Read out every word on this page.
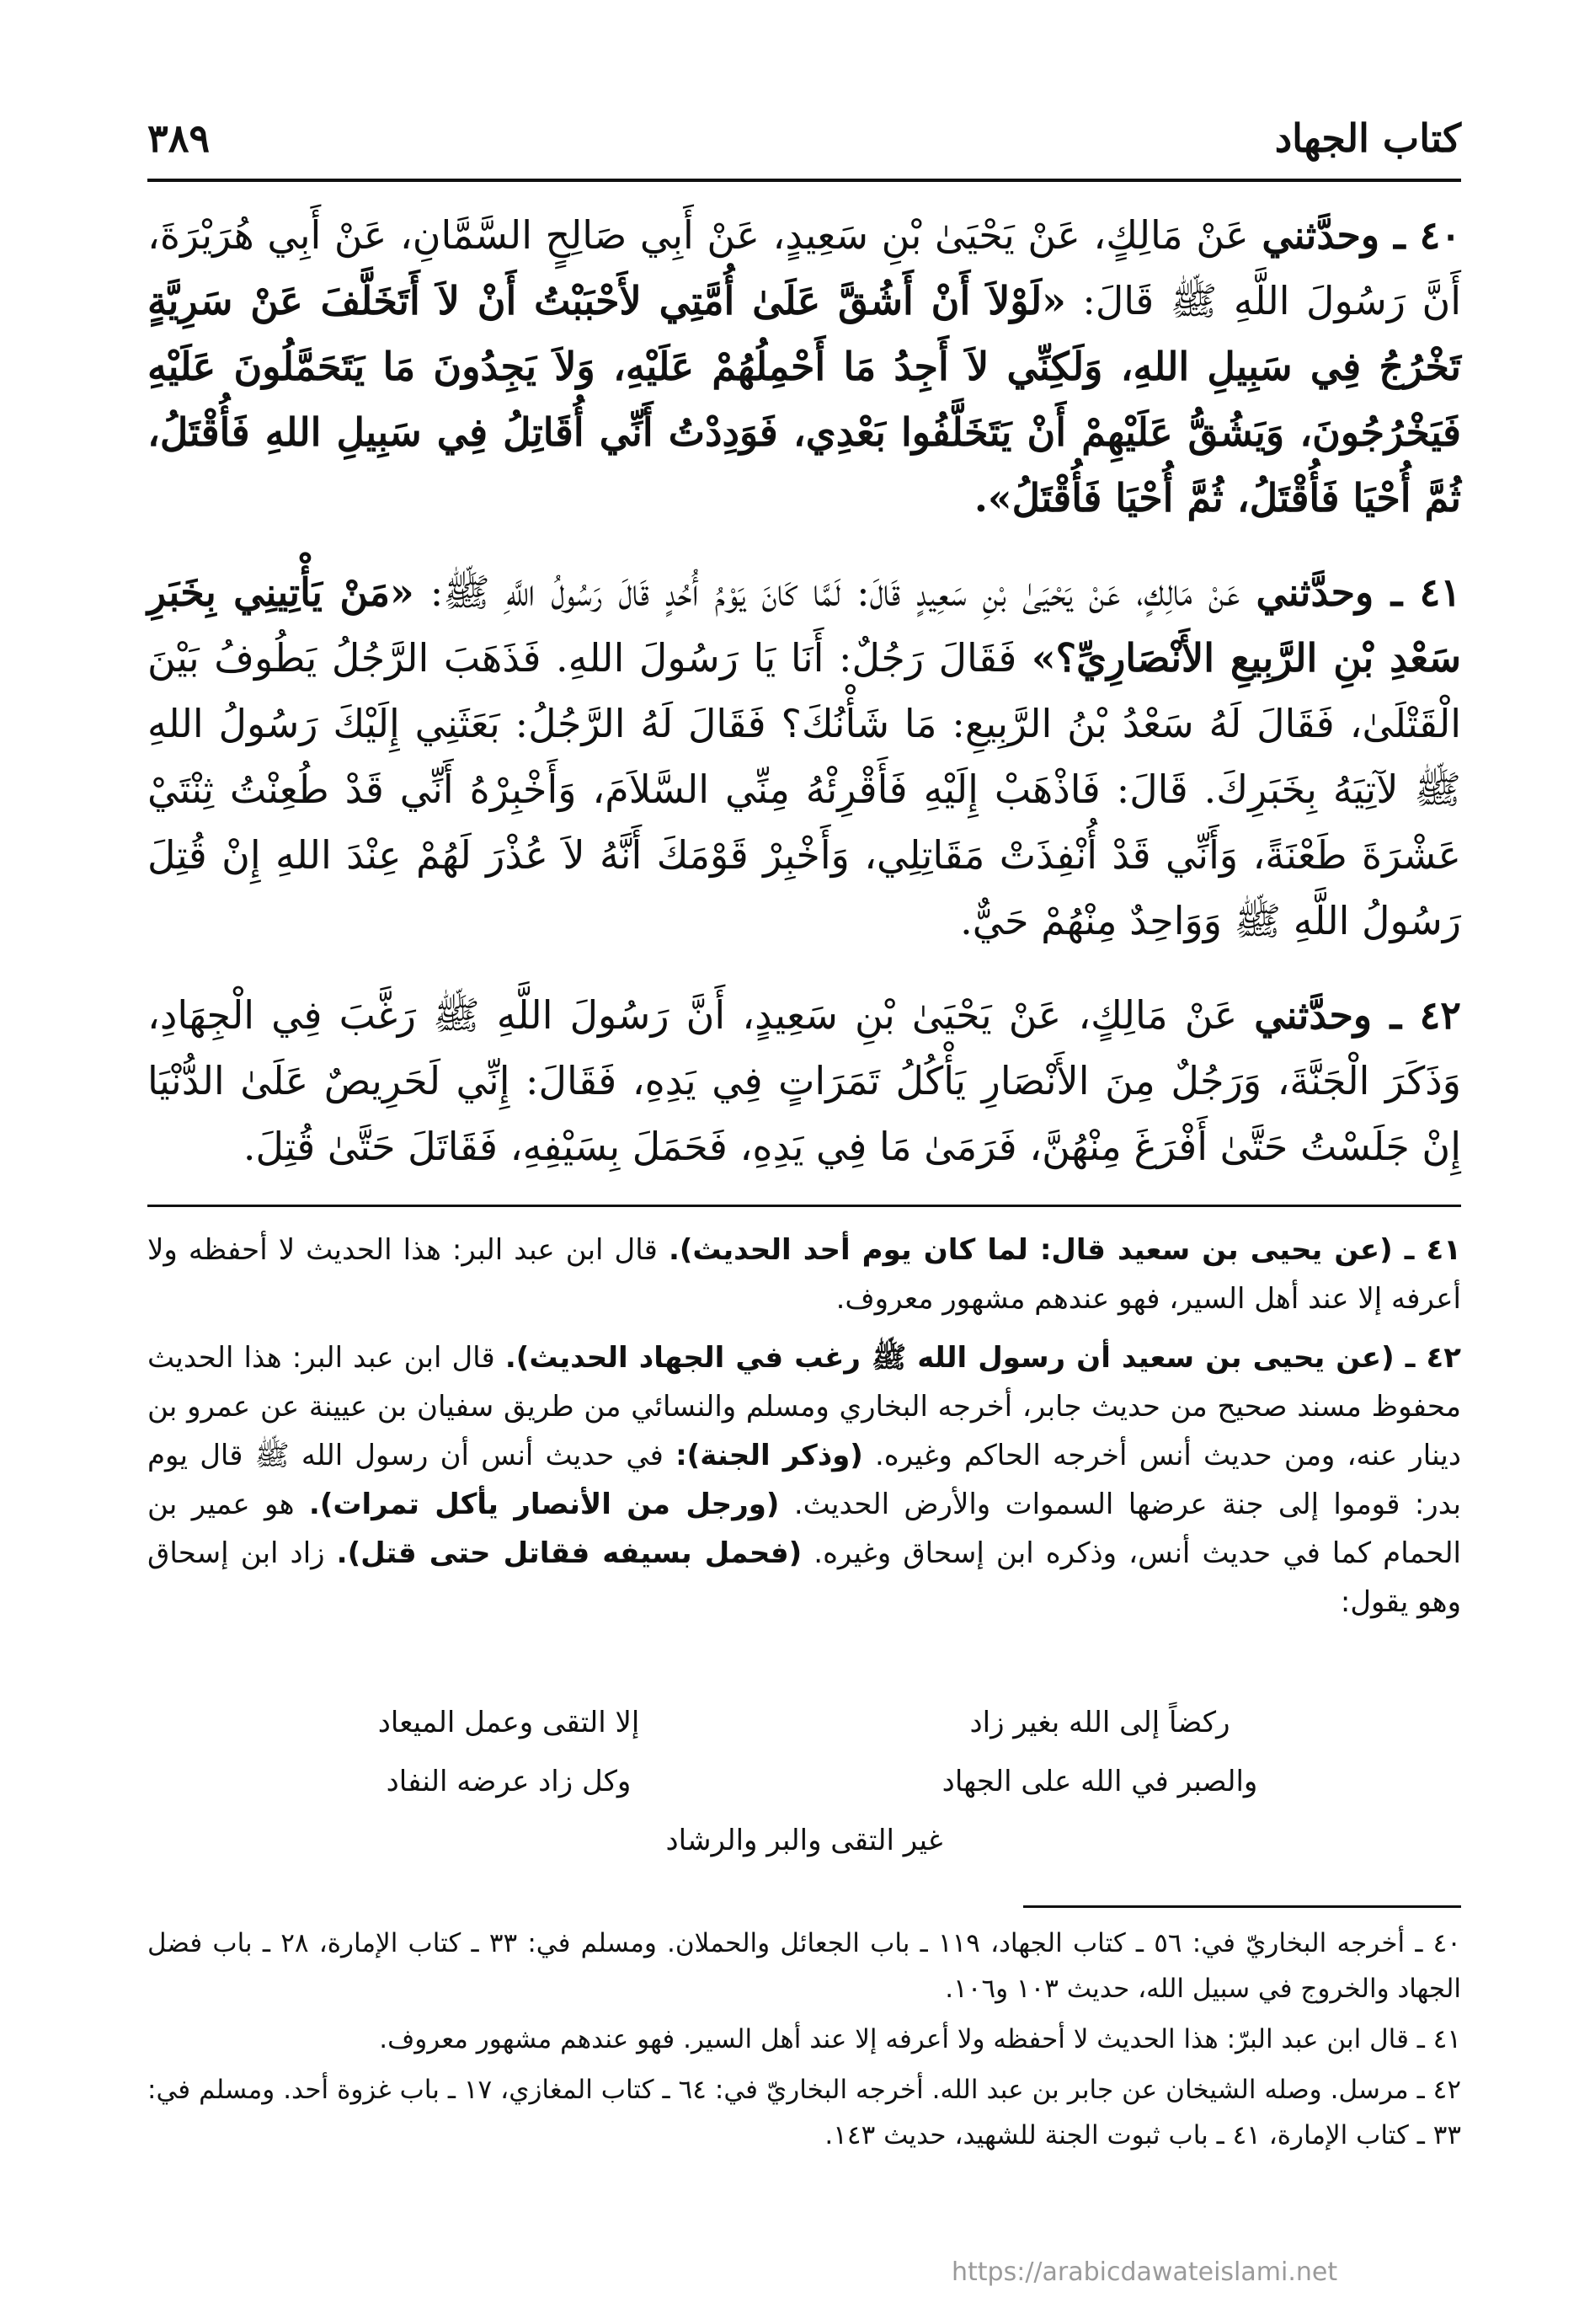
كتاب الجهاد
٣٨٩

٤٠ ـ وحدَّثني عَنْ مَالِكٍ، عَنْ يَحْيَىٰ بْنِ سَعِيدٍ، عَنْ أَبِي صَالِحٍ السَّمَّانِ، عَنْ أَبِي هُرَيْرَةَ، أَنَّ رَسُولَ اللَّهِ ﷺ قَالَ: «لَوْلاَ أَنْ أَشُقَّ عَلَىٰ أُمَّتِي لأَحْبَبْتُ أَنْ لاَ أَتَخَلَّفَ عَنْ سَرِيَّةٍ تَخْرُجُ فِي سَبِيلِ اللهِ، وَلَكِنِّي لاَ أَجِدُ مَا أَحْمِلُهُمْ عَلَيْهِ، وَلاَ يَجِدُونَ مَا يَتَحَمَّلُونَ عَلَيْهِ فَيَخْرُجُونَ، وَيَشُقُّ عَلَيْهِمْ أَنْ يَتَخَلَّفُوا بَعْدِي، فَوَدِدْتُ أَنِّي أُقَاتِلُ فِي سَبِيلِ اللهِ فَأُقْتَلُ، ثُمَّ أُحْيَا فَأُقْتَلُ، ثُمَّ أُحْيَا فَأُقْتَلُ».

٤١ ـ وحدَّثني عَنْ مَالِكٍ، عَنْ يَحْيَىٰ بْنِ سَعِيدٍ قَالَ: لَمَّا كَانَ يَوْمُ أُحُدٍ قَالَ رَسُولُ اللَّهِ ﷺ: «مَنْ يَأْتِينِي بِخَبَرِ سَعْدِ بْنِ الرَّبِيعِ الأَنْصَارِيِّ؟» فَقَالَ رَجُلٌ: أَنَا يَا رَسُولَ اللهِ. فَذَهَبَ الرَّجُلُ يَطُوفُ بَيْنَ الْقَتْلَىٰ، فَقَالَ لَهُ سَعْدُ بْنُ الرَّبِيعِ: مَا شَأْنُكَ؟ فَقَالَ لَهُ الرَّجُلُ: بَعَثَنِي إِلَيْكَ رَسُولُ اللهِ ﷺ لآتِيَهُ بِخَبَرِكَ. قَالَ: فَاذْهَبْ إِلَيْهِ فَأَقْرِئْهُ مِنِّي السَّلاَمَ، وَأَخْبِرْهُ أَنِّي قَدْ طُعِنْتُ ثِنْتَيْ عَشْرَةَ طَعْنَةً، وَأَنِّي قَدْ أُنْفِذَتْ مَقَاتِلِي، وَأَخْبِرْ قَوْمَكَ أَنَّهُ لاَ عُذْرَ لَهُمْ عِنْدَ اللهِ إِنْ قُتِلَ رَسُولُ اللَّهِ ﷺ وَوَاحِدٌ مِنْهُمْ حَيٌّ.

٤٢ ـ وحدَّثني عَنْ مَالِكٍ، عَنْ يَحْيَىٰ بْنِ سَعِيدٍ، أَنَّ رَسُولَ اللَّهِ ﷺ رَغَّبَ فِي الْجِهَادِ، وَذَكَرَ الْجَنَّةَ، وَرَجُلٌ مِنَ الأَنْصَارِ يَأْكُلُ تَمَرَاتٍ فِي يَدِهِ، فَقَالَ: إِنِّي لَحَرِيصٌ عَلَىٰ الدُّنْيَا إِنْ جَلَسْتُ حَتَّىٰ أَفْرَغَ مِنْهُنَّ، فَرَمَىٰ مَا فِي يَدِهِ، فَحَمَلَ بِسَيْفِهِ، فَقَاتَلَ حَتَّىٰ قُتِلَ.

٤١ ـ (عن يحيى بن سعيد قال: لما كان يوم أحد الحديث). قال ابن عبد البر: هذا الحديث لا أحفظه ولا أعرفه إلا عند أهل السير، فهو عندهم مشهور معروف.

٤٢ ـ (عن يحيى بن سعيد أن رسول الله ﷺ رغب في الجهاد الحديث). قال ابن عبد البر: هذا الحديث محفوظ مسند صحيح من حديث جابر، أخرجه البخاري ومسلم والنسائي من طريق سفيان بن عيينة عن عمرو بن دينار عنه، ومن حديث أنس أخرجه الحاكم وغيره. (وذكر الجنة): في حديث أنس أن رسول الله ﷺ قال يوم بدر: قوموا إلى جنة عرضها السموات والأرض الحديث. (ورجل من الأنصار يأكل تمرات). هو عمير بن الحمام كما في حديث أنس، وذكره ابن إسحاق وغيره. (فحمل بسيفه فقاتل حتى قتل). زاد ابن إسحاق وهو يقول:

ركضاً إلى الله بغير زاد
إلا التقى وعمل الميعاد
والصبر في الله على الجهاد
وكل زاد عرضه النفاد
غير التقى والبر والرشاد

٤٠ ـ أخرجه البخاريّ في: ٥٦ ـ كتاب الجهاد، ١١٩ ـ باب الجعائل والحملان. ومسلم في: ٣٣ ـ كتاب الإمارة، ٢٨ ـ باب فضل الجهاد والخروج في سبيل الله، حديث ١٠٣ و١٠٦.

٤١ ـ قال ابن عبد البرّ: هذا الحديث لا أحفظه ولا أعرفه إلا عند أهل السير. فهو عندهم مشهور معروف.

٤٢ ـ مرسل. وصله الشيخان عن جابر بن عبد الله. أخرجه البخاريّ في: ٦٤ ـ كتاب المغازي، ١٧ ـ باب غزوة أحد. ومسلم في: ٣٣ ـ كتاب الإمارة، ٤١ ـ باب ثبوت الجنة للشهيد، حديث ١٤٣.

https://arabicdawateislami.net
